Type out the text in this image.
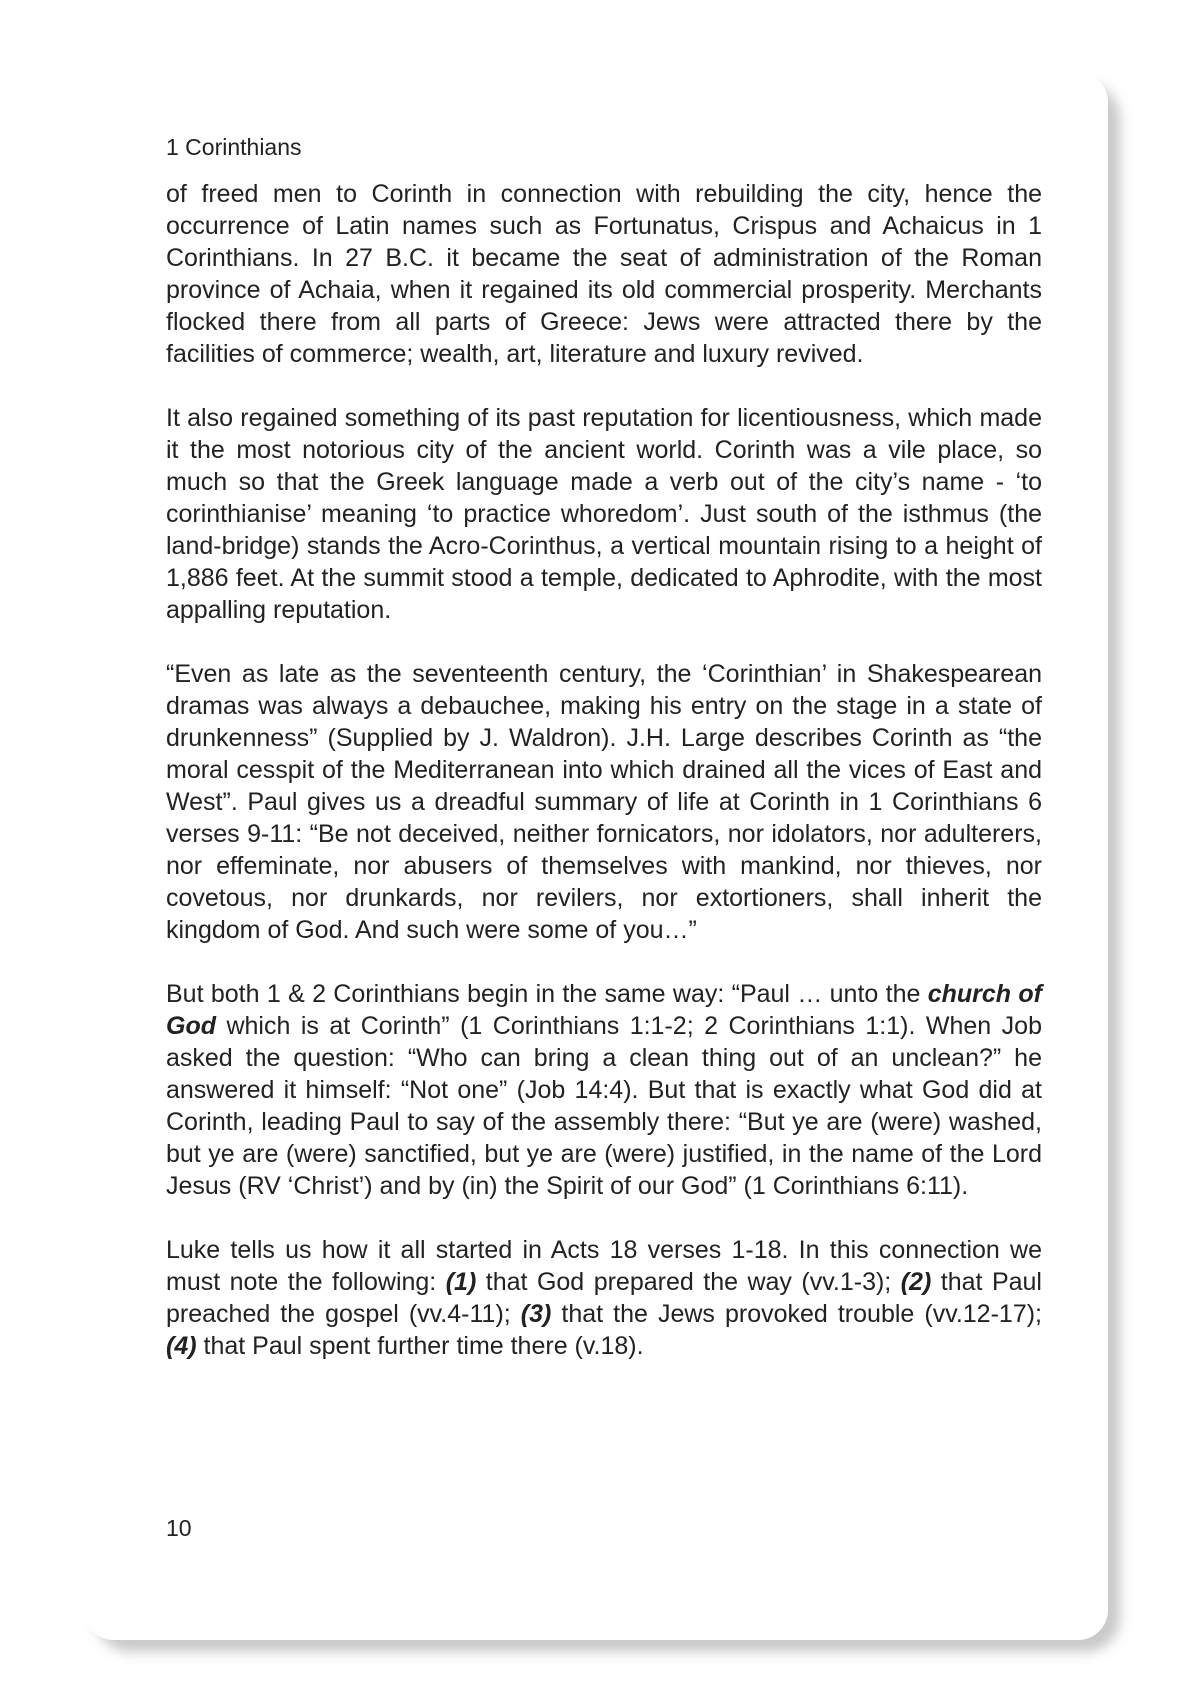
1 Corinthians

of freed men to Corinth in connection with rebuilding the city, hence the occurrence of Latin names such as Fortunatus, Crispus and Achaicus in 1 Corinthians. In 27 B.C. it became the seat of administration of the Roman province of Achaia, when it regained its old commercial prosperity. Merchants flocked there from all parts of Greece: Jews were attracted there by the facilities of commerce; wealth, art, literature and luxury revived.

It also regained something of its past reputation for licentiousness, which made it the most notorious city of the ancient world. Corinth was a vile place, so much so that the Greek language made a verb out of the city’s name - ‘to corinthianise’ meaning ‘to practice whoredom’. Just south of the isthmus (the land-bridge) stands the Acro-Corinthus, a vertical mountain rising to a height of 1,886 feet. At the summit stood a temple, dedicated to Aphrodite, with the most appalling reputation.

“Even as late as the seventeenth century, the ‘Corinthian’ in Shakespearean dramas was always a debauchee, making his entry on the stage in a state of drunkenness” (Supplied by J. Waldron). J.H. Large describes Corinth as “the moral cesspit of the Mediterranean into which drained all the vices of East and West”. Paul gives us a dreadful summary of life at Corinth in 1 Corinthians 6 verses 9-11: “Be not deceived, neither fornicators, nor idolators, nor adulterers, nor effeminate, nor abusers of themselves with mankind, nor thieves, nor covetous, nor drunkards, nor revilers, nor extortioners, shall inherit the kingdom of God. And such were some of you…”

But both 1 & 2 Corinthians begin in the same way: “Paul … unto the church of God which is at Corinth” (1 Corinthians 1:1-2; 2 Corinthians 1:1). When Job asked the question: “Who can bring a clean thing out of an unclean?” he answered it himself: “Not one” (Job 14:4). But that is exactly what God did at Corinth, leading Paul to say of the assembly there: “But ye are (were) washed, but ye are (were) sanctified, but ye are (were) justified, in the name of the Lord Jesus (RV ‘Christ’) and by (in) the Spirit of our God” (1 Corinthians 6:11).

Luke tells us how it all started in Acts 18 verses 1-18. In this connection we must note the following: (1) that God prepared the way (vv.1-3); (2) that Paul preached the gospel (vv.4-11); (3) that the Jews provoked trouble (vv.12-17); (4) that Paul spent further time there (v.18).

10
